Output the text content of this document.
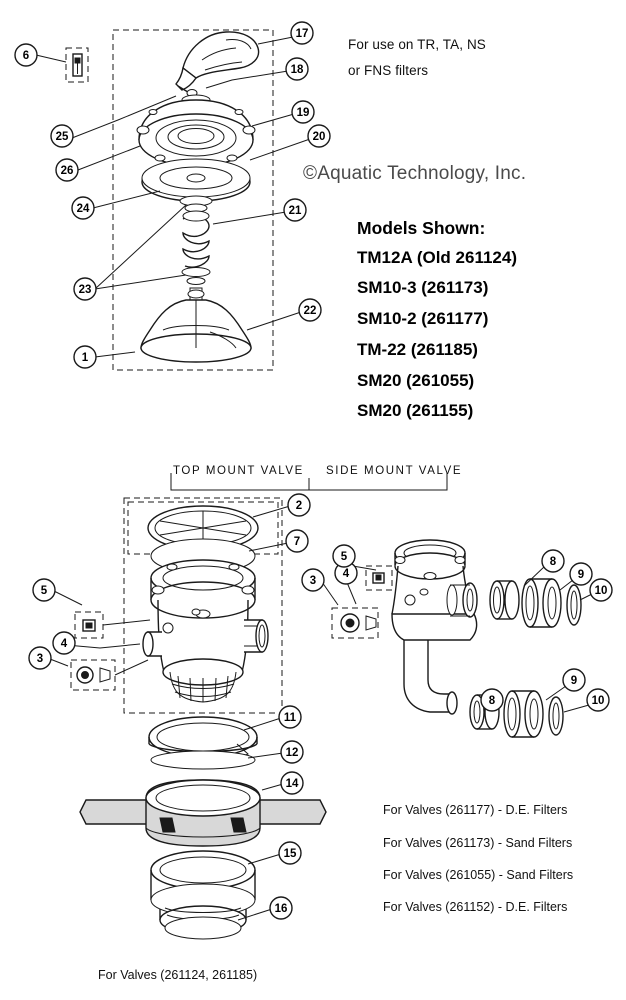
6
17
18
19
20
25
26
24	21
23
22
1
2
7
5
4
3
3
4
5	8
9
10
8
9
10
11
12
14
15
16
For use on TR, TA, NS
or FNS filters
©Aquatic Technology, Inc.
Models Shown:
TM12A (Old 261124)
SM10-3 (261173)
SM10-2 (261177)
TM-22 (261185)
SM20 (261055)
SM20 (261155)
TOP MOUNT VALVE SIDE MOUNT VALVE
For Valves (261177) - D.E. Filters
For Valves (261173) - Sand Filters
For Valves (261055) - Sand Filters
For Valves (261152) - D.E. Filters
For Valves (261124, 261185)
